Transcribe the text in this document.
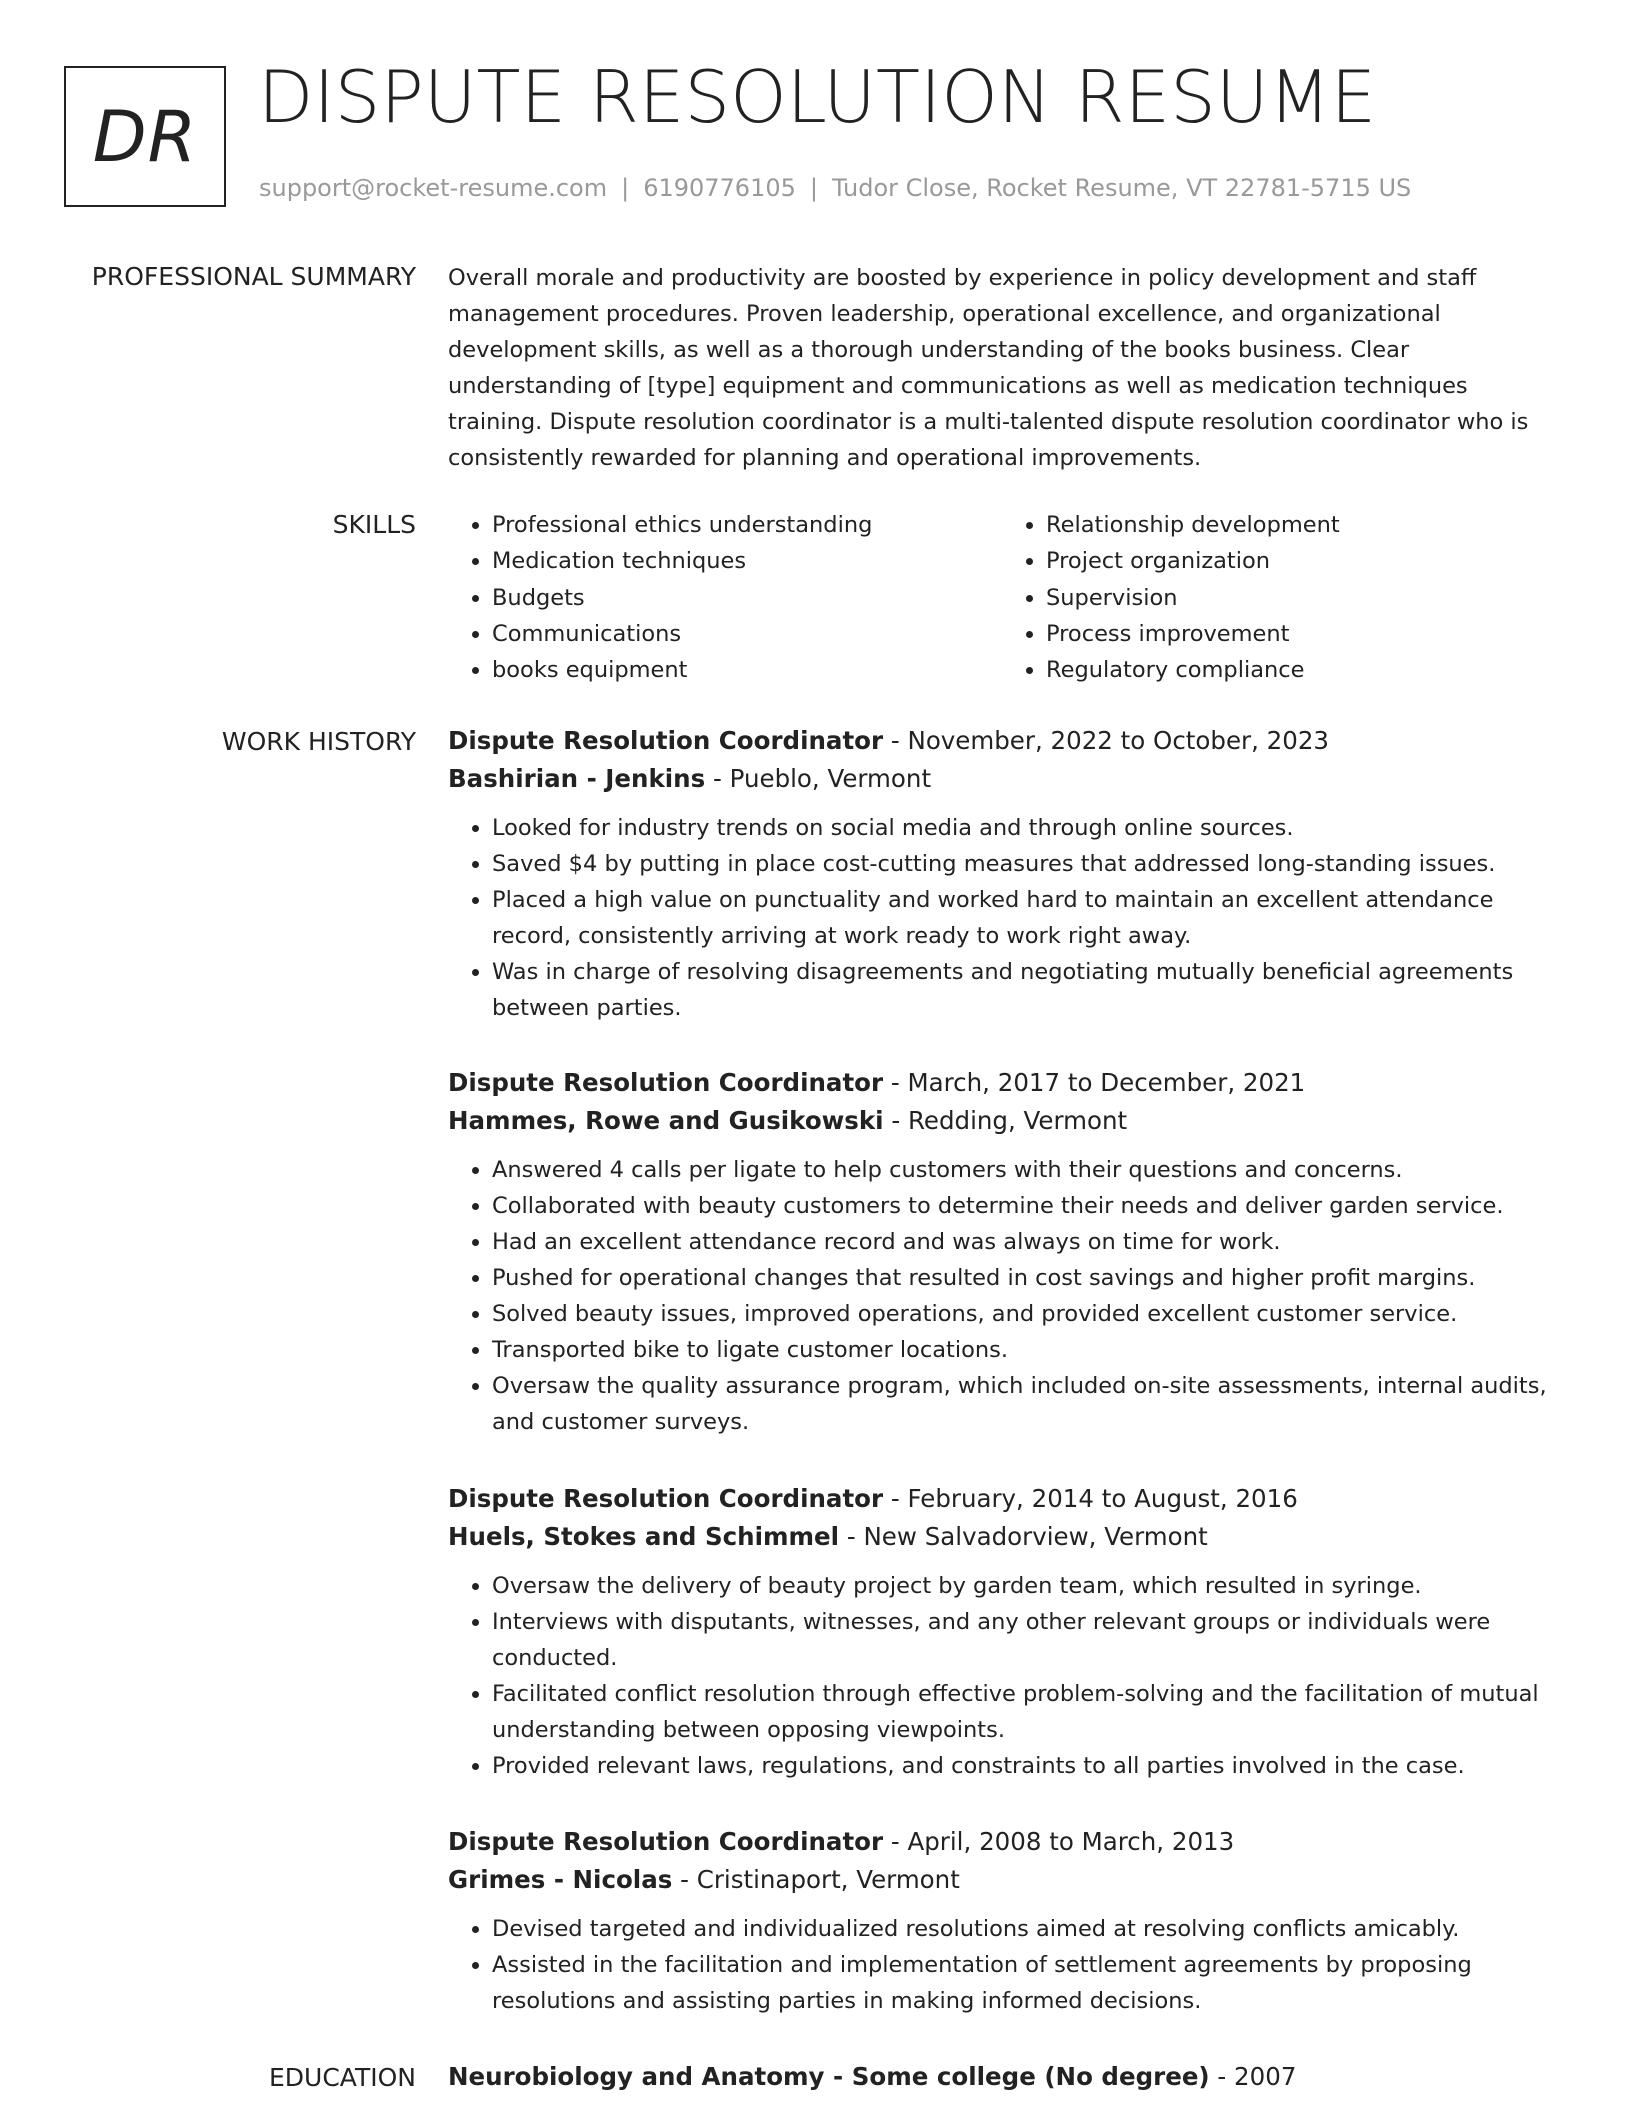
DR DISPUTE RESOLUTION RESUME
support@rocket-resume.com | 6190776105 | Tudor Close, Rocket Resume, VT 22781-5715 US
PROFESSIONAL SUMMARY Overall morale and productivity are boosted by experience in policy development and staff management procedures. Proven leadership, operational excellence, and organizational development skills, as well as a thorough understanding of the books business. Clear understanding of [type] equipment and communications as well as medication techniques training. Dispute resolution coordinator is a multi-talented dispute resolution coordinator who is consistently rewarded for planning and operational improvements.

SKILLS
•	Professional ethics understanding
• Medication techniques
• Budgets
• Communications
• books equipment
• Relationship development
• Project organization
• Supervision
• Process improvement
• Regulatory compliance
WORK HISTORY Dispute Resolution Coordinator - November, 2022 to October, 2023
Bashirian - Jenkins - Pueblo, Vermont
• Looked for industry trends on social media and through online sources.
• Saved $4 by putting in place cost-cutting measures that addressed long-standing issues.
• Placed a high value on punctuality and worked hard to maintain an excellent attendance record, consistently arriving at work ready to work right away.
• Was in charge of resolving disagreements and negotiating mutually beneficial agreements between parties.
Dispute Resolution Coordinator - March, 2017 to December, 2021
Hammes, Rowe and Gusikowski - Redding, Vermont
• Answered 4 calls per ligate to help customers with their questions and concerns.
• Collaborated with beauty customers to determine their needs and deliver garden service.
• Had an excellent attendance record and was always on time for work.
• Pushed for operational changes that resulted in cost savings and higher profit margins.
• Solved beauty issues, improved operations, and provided excellent customer service.
• Transported bike to ligate customer locations.
• Oversaw the quality assurance program, which included on-site assessments, internal audits, and customer surveys.
Dispute Resolution Coordinator - February, 2014 to August, 2016
Huels, Stokes and Schimmel - New Salvadorview, Vermont
• Oversaw the delivery of beauty project by garden team, which resulted in syringe.
• Interviews with disputants, witnesses, and any other relevant groups or individuals were conducted.
• Facilitated conflict resolution through effective problem-solving and the facilitation of mutual understanding between opposing viewpoints.
• Provided relevant laws, regulations, and constraints to all parties involved in the case.
Dispute Resolution Coordinator - April, 2008 to March, 2013
Grimes - Nicolas - Cristinaport, Vermont
• Devised targeted and individualized resolutions aimed at resolving conflicts amicably.
• Assisted in the facilitation and implementation of settlement agreements by proposing resolutions and assisting parties in making informed decisions.
EDUCATION Neurobiology and Anatomy - Some college (No degree) - 2007
